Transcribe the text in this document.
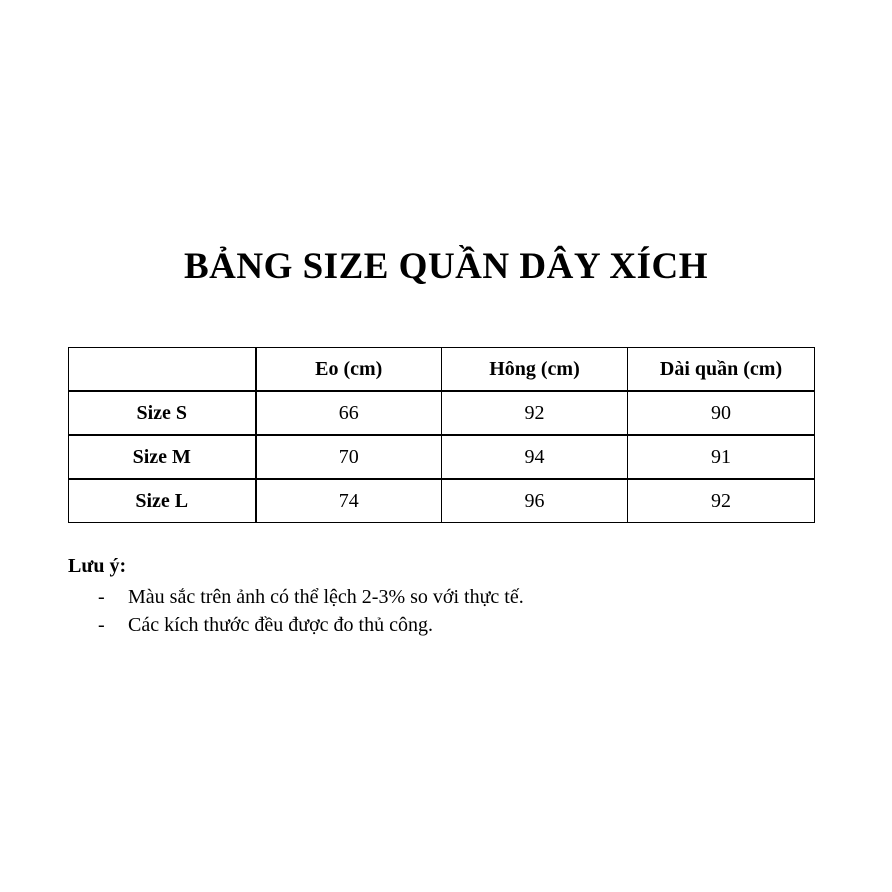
BẢNG SIZE QUẦN DÂY XÍCH
	Eo (cm)	Hông (cm)	Dài quần (cm)
Size S	66	92	90
Size M	70	94	91
Size L	74	96	92
Lưu ý:
-	Màu sắc trên ảnh có thể lệch 2-3% so với thực tế.
-	Các kích thước đều được đo thủ công.
